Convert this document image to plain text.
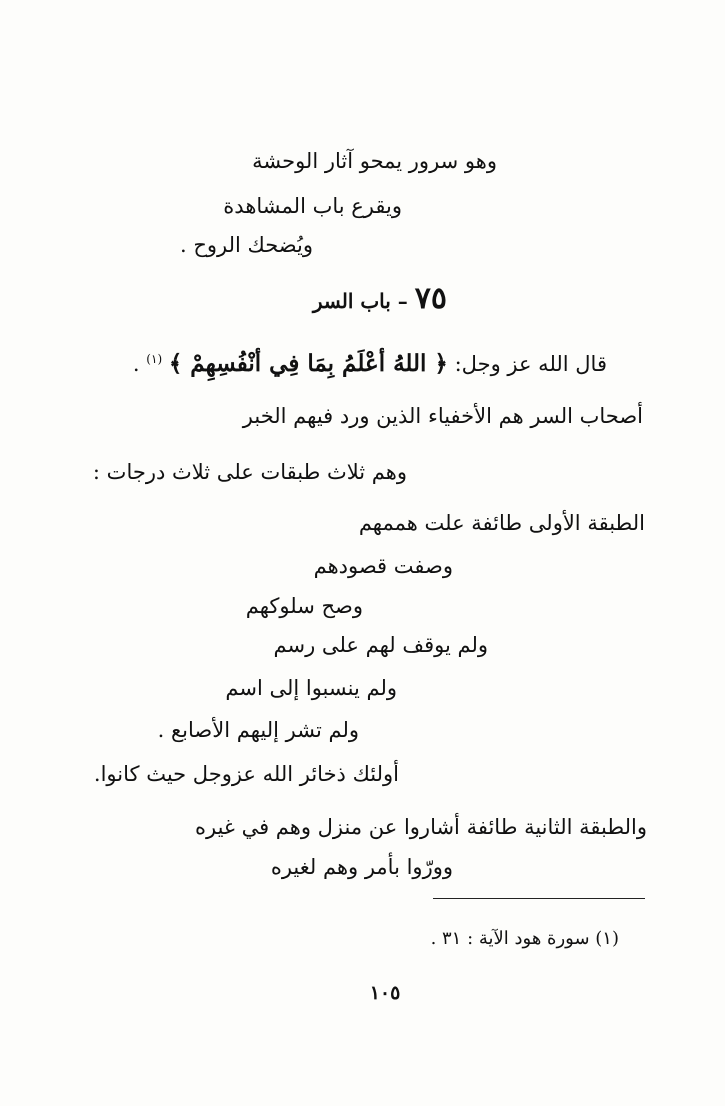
وهو سرور يمحو آثار الوحشة
ويقرع باب المشاهدة
ويُضحك الروح .
٧٥ – باب السر
قال الله عز وجل: ﴿ اللهُ أعْلَمُ بِمَا فِي أنْفُسِهِمْ ﴾ $^{(١)}$ .
أصحاب السر هم الأخفياء الذين ورد فيهم الخبر
وهم ثلاث طبقات على ثلاث درجات :
الطبقة الأولى طائفة علت هممهم
وصفت قصودهم
وصح سلوكهم
ولم يوقف لهم على رسم
ولم ينسبوا إلى اسم
ولم تشر إليهم الأصابع .
أولئك ذخائر الله عزوجل حيث كانوا.
والطبقة الثانية طائفة أشاروا عن منزل وهم في غيره
وورّوا بأمر وهم لغيره
(١) سورة هود الآية : ٣١ .
١٠٥
